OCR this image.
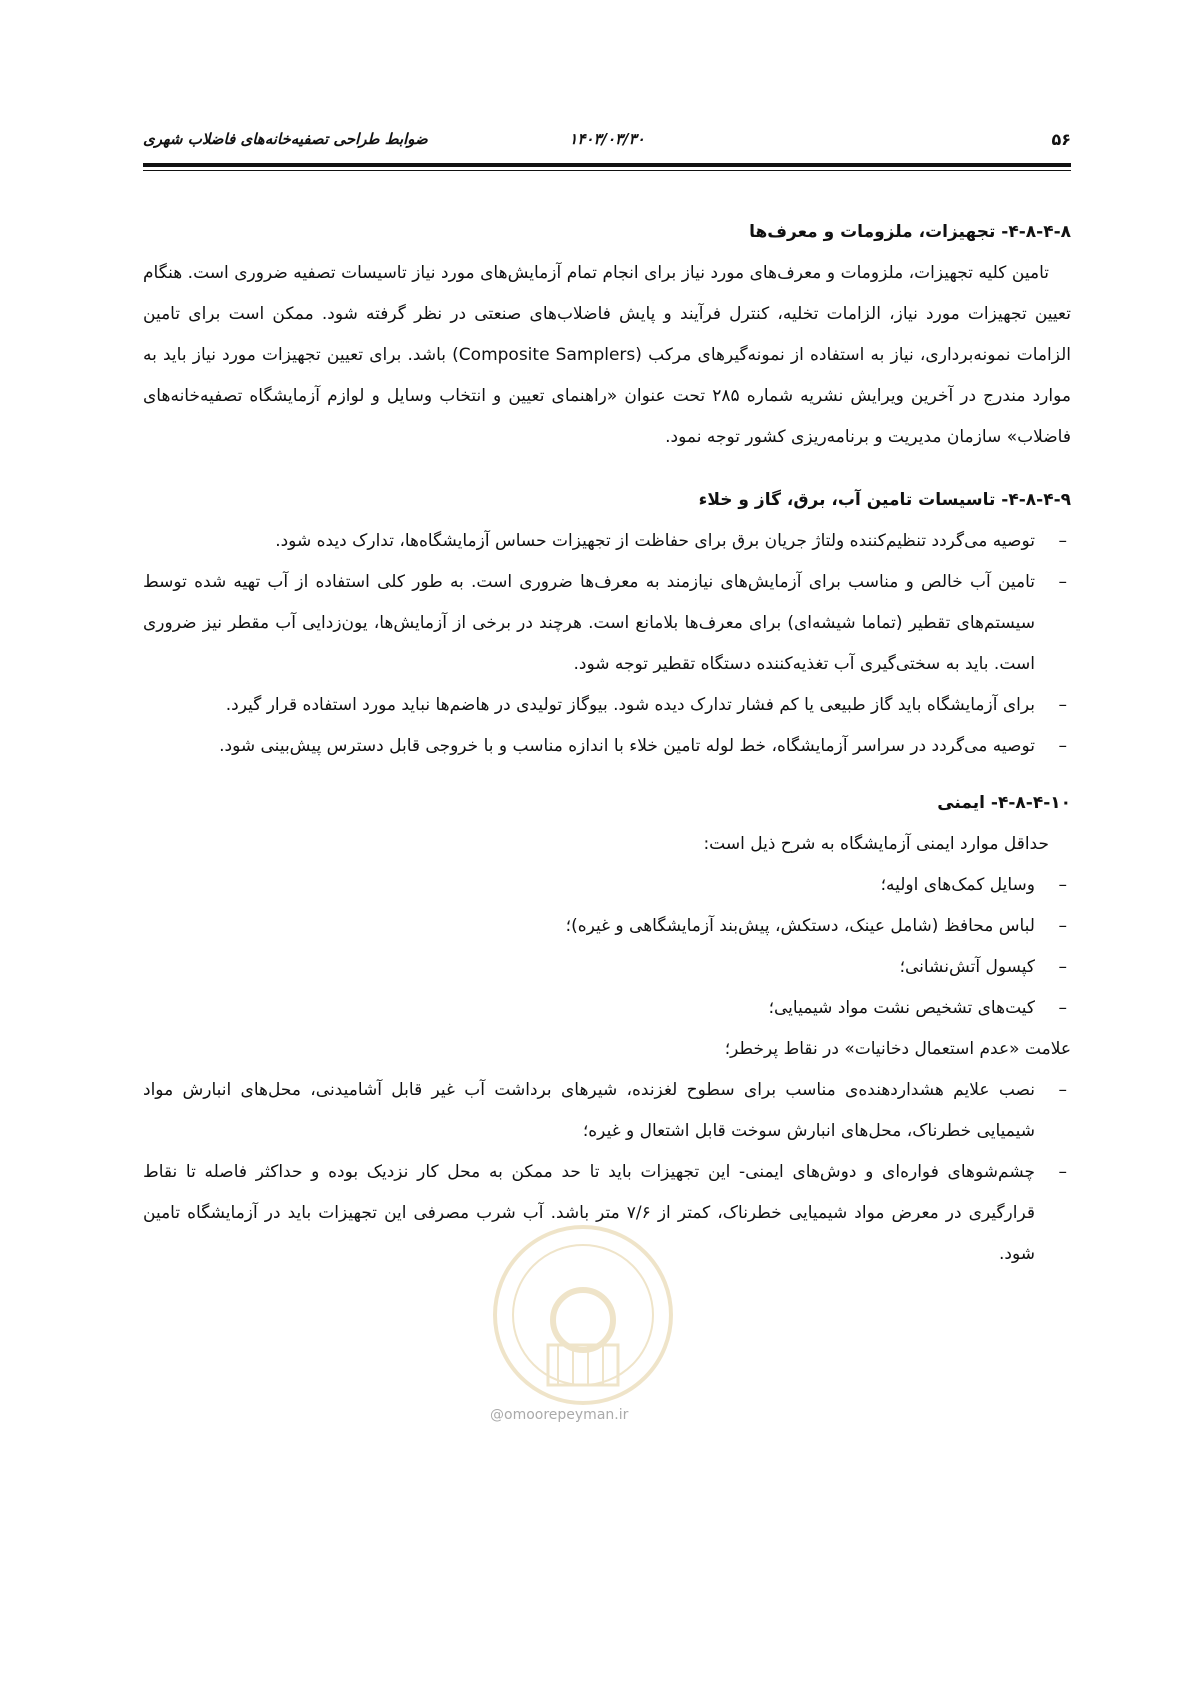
۵۶
۱۴۰۳/۰۳/۳۰
ضوابط طراحی تصفیه‌خانه‌های فاضلاب شهری

۴-۸-۴-۸- تجهیزات، ملزومات و معرف‌ها

تامین کلیه تجهیزات، ملزومات و معرف‌های مورد نیاز برای انجام تمام آزمایش‌های مورد نیاز تاسیسات تصفیه ضروری است. هنگام تعیین تجهیزات مورد نیاز، الزامات تخلیه، کنترل فرآیند و پایش فاضلاب‌های صنعتی در نظر گرفته شود. ممکن است برای تامین الزامات نمونه‌برداری، نیاز به استفاده از نمونه‌گیرهای مرکب (Composite Samplers) باشد. برای تعیین تجهیزات مورد نیاز باید به موارد مندرج در آخرین ویرایش نشریه شماره ۲۸۵ تحت عنوان «راهنمای تعیین و انتخاب وسایل و لوازم آزمایشگاه تصفیه‌خانه‌های فاضلاب» سازمان مدیریت و برنامه‌ریزی کشور توجه نمود.

۴-۸-۴-۹- تاسیسات تامین آب، برق، گاز و خلاء

–
توصیه می‌گردد تنظیم‌کننده ولتاژ جریان برق برای حفاظت از تجهیزات حساس آزمایشگاه‌ها، تدارک دیده شود.
–
تامین آب خالص و مناسب برای آزمایش‌های نیازمند به معرف‌ها ضروری است. به طور کلی استفاده از آب تهیه شده توسط سیستم‌های تقطیر (تماما شیشه‌ای) برای معرف‌ها بلامانع است. هرچند در برخی از آزمایش‌ها، یون‌زدایی آب مقطر نیز ضروری است. باید به سختی‌گیری آب تغذیه‌کننده دستگاه تقطیر توجه شود.
–
برای آزمایشگاه باید گاز طبیعی یا کم فشار تدارک دیده شود. بیوگاز تولیدی در هاضم‌ها نباید مورد استفاده قرار گیرد.
–
توصیه می‌گردد در سراسر آزمایشگاه، خط لوله تامین خلاء با اندازه مناسب و با خروجی قابل دسترس پیش‌بینی شود.

۴-۸-۴-۱۰- ایمنی

حداقل موارد ایمنی آزمایشگاه به شرح ذیل است:

–
وسایل کمک‌های اولیه؛
–
لباس محافظ (شامل عینک، دستکش، پیش‌بند آزمایشگاهی و غیره)؛
–
کپسول آتش‌نشانی؛
–
کیت‌های تشخیص نشت مواد شیمیایی؛

علامت «عدم استعمال دخانیات» در نقاط پرخطر؛

–
نصب علایم هشداردهنده‌ی مناسب برای سطوح لغزنده، شیرهای برداشت آب غیر قابل آشامیدنی، محل‌های انبارش مواد شیمیایی خطرناک، محل‌های انبارش سوخت قابل اشتعال و غیره؛
–
چشم‌شوهای فواره‌ای و دوش‌های ایمنی- این تجهیزات باید تا حد ممکن به محل کار نزدیک بوده و حداکثر فاصله تا نقاط قرارگیری در معرض مواد شیمیایی خطرناک، کمتر از ۷/۶ متر باشد. آب شرب مصرفی این تجهیزات باید در آزمایشگاه تامین شود.
@omoorepeyman.ir
